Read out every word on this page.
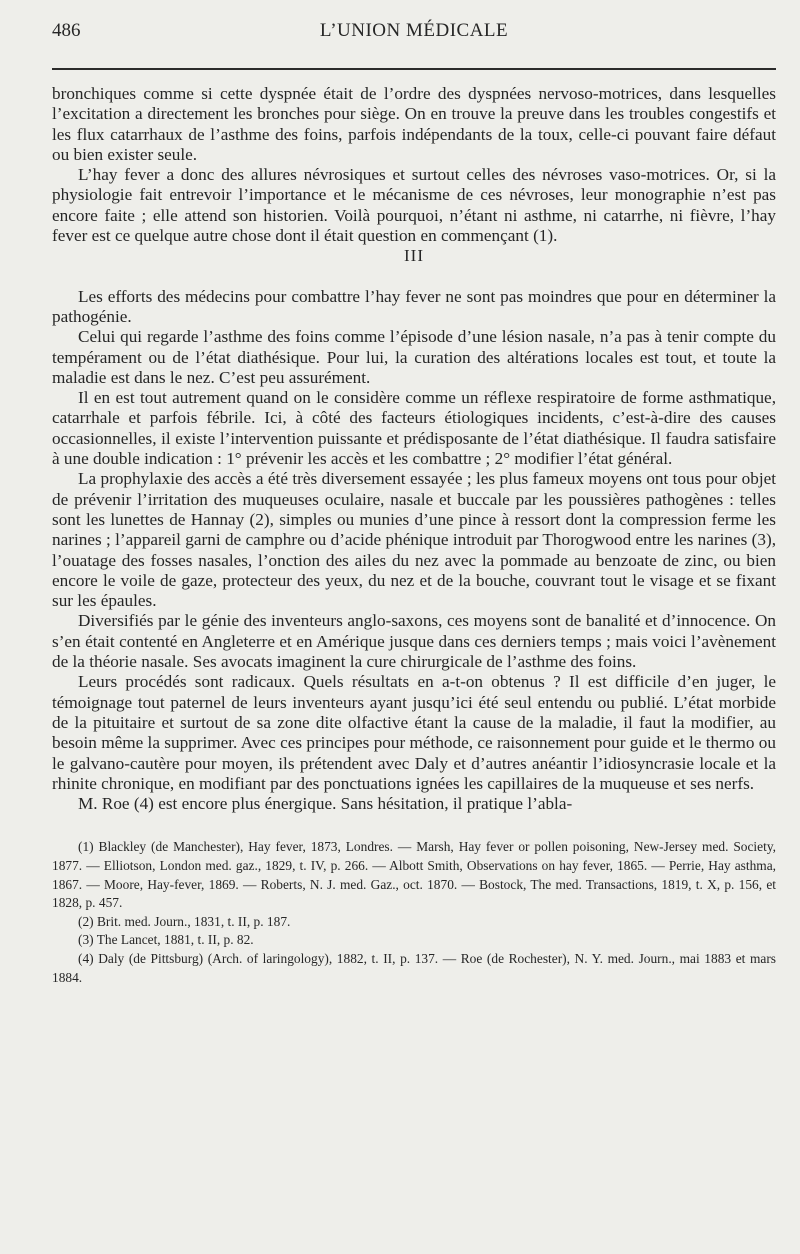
486	L’UNION MÉDICALE

bronchiques comme si cette dyspnée était de l’ordre des dyspnées nervoso-motrices, dans lesquelles l’excitation a directement les bronches pour siège. On en trouve la preuve dans les troubles congestifs et les flux catarrhaux de l’asthme des foins, parfois indépendants de la toux, celle-ci pouvant faire défaut ou bien exister seule.

L’hay fever a donc des allures névrosiques et surtout celles des névroses vaso-motrices. Or, si la physiologie fait entrevoir l’importance et le mécanisme de ces névroses, leur monographie n’est pas encore faite ; elle attend son historien. Voilà pourquoi, n’étant ni asthme, ni catarrhe, ni fièvre, l’hay fever est ce quelque autre chose dont il était question en commençant (1).

III

Les efforts des médecins pour combattre l’hay fever ne sont pas moindres que pour en déterminer la pathogénie.

Celui qui regarde l’asthme des foins comme l’épisode d’une lésion nasale, n’a pas à tenir compte du tempérament ou de l’état diathésique. Pour lui, la curation des altérations locales est tout, et toute la maladie est dans le nez. C’est peu assurément.

Il en est tout autrement quand on le considère comme un réflexe respiratoire de forme asthmatique, catarrhale et parfois fébrile. Ici, à côté des facteurs étiologiques incidents, c’est-à-dire des causes occasionnelles, il existe l’intervention puissante et prédisposante de l’état diathésique. Il faudra satisfaire à une double indication : 1° prévenir les accès et les combattre ; 2° modifier l’état général.

La prophylaxie des accès a été très diversement essayée ; les plus fameux moyens ont tous pour objet de prévenir l’irritation des muqueuses oculaire, nasale et buccale par les poussières pathogènes : telles sont les lunettes de Hannay (2), simples ou munies d’une pince à ressort dont la compression ferme les narines ; l’appareil garni de camphre ou d’acide phénique introduit par Thorogwood entre les narines (3), l’ouatage des fosses nasales, l’onction des ailes du nez avec la pommade au benzoate de zinc, ou bien encore le voile de gaze, protecteur des yeux, du nez et de la bouche, couvrant tout le visage et se fixant sur les épaules.

Diversifiés par le génie des inventeurs anglo-saxons, ces moyens sont de banalité et d’innocence. On s’en était contenté en Angleterre et en Amérique jusque dans ces derniers temps ; mais voici l’avènement de la théorie nasale. Ses avocats imaginent la cure chirurgicale de l’asthme des foins.

Leurs procédés sont radicaux. Quels résultats en a-t-on obtenus ? Il est difficile d’en juger, le témoignage tout paternel de leurs inventeurs ayant jusqu’ici été seul entendu ou publié. L’état morbide de la pituitaire et surtout de sa zone dite olfactive étant la cause de la maladie, il faut la modifier, au besoin même la supprimer. Avec ces principes pour méthode, ce raisonnement pour guide et le thermo ou le galvano-cautère pour moyen, ils prétendent avec Daly et d’autres anéantir l’idiosyncrasie locale et la rhinite chronique, en modifiant par des ponctuations ignées les capillaires de la muqueuse et ses nerfs.

M. Roe (4) est encore plus énergique. Sans hésitation, il pratique l’abla-

(1) Blackley (de Manchester), Hay fever, 1873, Londres. — Marsh, Hay fever or pollen poisoning, New-Jersey med. Society, 1877. — Elliotson, London med. gaz., 1829, t. IV, p. 266. — Albott Smith, Observations on hay fever, 1865. — Perrie, Hay asthma, 1867. — Moore, Hay-fever, 1869. — Roberts, N. J. med. Gaz., oct. 1870. — Bostock, The med. Transactions, 1819, t. X, p. 156, et 1828, p. 457.

(2) Brit. med. Journ., 1831, t. II, p. 187.

(3) The Lancet, 1881, t. II, p. 82.

(4) Daly (de Pittsburg) (Arch. of laringology), 1882, t. II, p. 137. — Roe (de Rochester), N. Y. med. Journ., mai 1883 et mars 1884.
